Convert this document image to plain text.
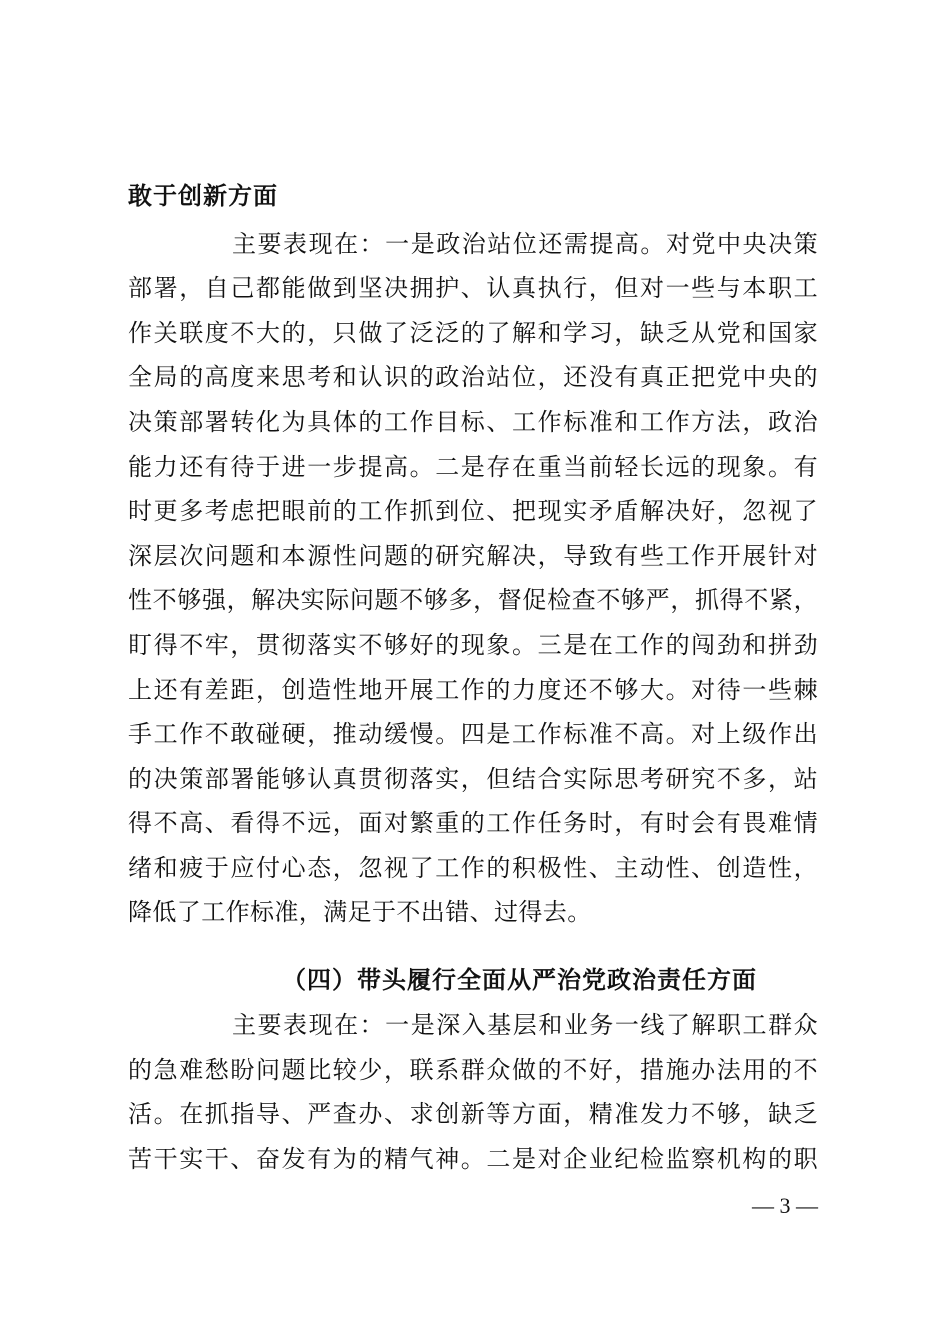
敢于创新方面
主要表现在：一是政治站位还需提高。对党中央决策
部署，自己都能做到坚决拥护、认真执行，但对一些与本职工
作关联度不大的，只做了泛泛的了解和学习，缺乏从党和国家
全局的高度来思考和认识的政治站位，还没有真正把党中央的
决策部署转化为具体的工作目标、工作标准和工作方法，政治
能力还有待于进一步提高。二是存在重当前轻长远的现象。有
时更多考虑把眼前的工作抓到位、把现实矛盾解决好，忽视了
深层次问题和本源性问题的研究解决，导致有些工作开展针对
性不够强，解决实际问题不够多，督促检查不够严，抓得不紧，
盯得不牢，贯彻落实不够好的现象。三是在工作的闯劲和拼劲
上还有差距，创造性地开展工作的力度还不够大。对待一些棘
手工作不敢碰硬，推动缓慢。四是工作标准不高。对上级作出
的决策部署能够认真贯彻落实，但结合实际思考研究不多，站
得不高、看得不远，面对繁重的工作任务时，有时会有畏难情
绪和疲于应付心态，忽视了工作的积极性、主动性、创造性，
降低了工作标准，满足于不出错、过得去。
（四）带头履行全面从严治党政治责任方面
主要表现在：一是深入基层和业务一线了解职工群众
的急难愁盼问题比较少，联系群众做的不好，措施办法用的不
活。在抓指导、严查办、求创新等方面，精准发力不够，缺乏
苦干实干、奋发有为的精气神。二是对企业纪检监察机构的职
— 3 —
